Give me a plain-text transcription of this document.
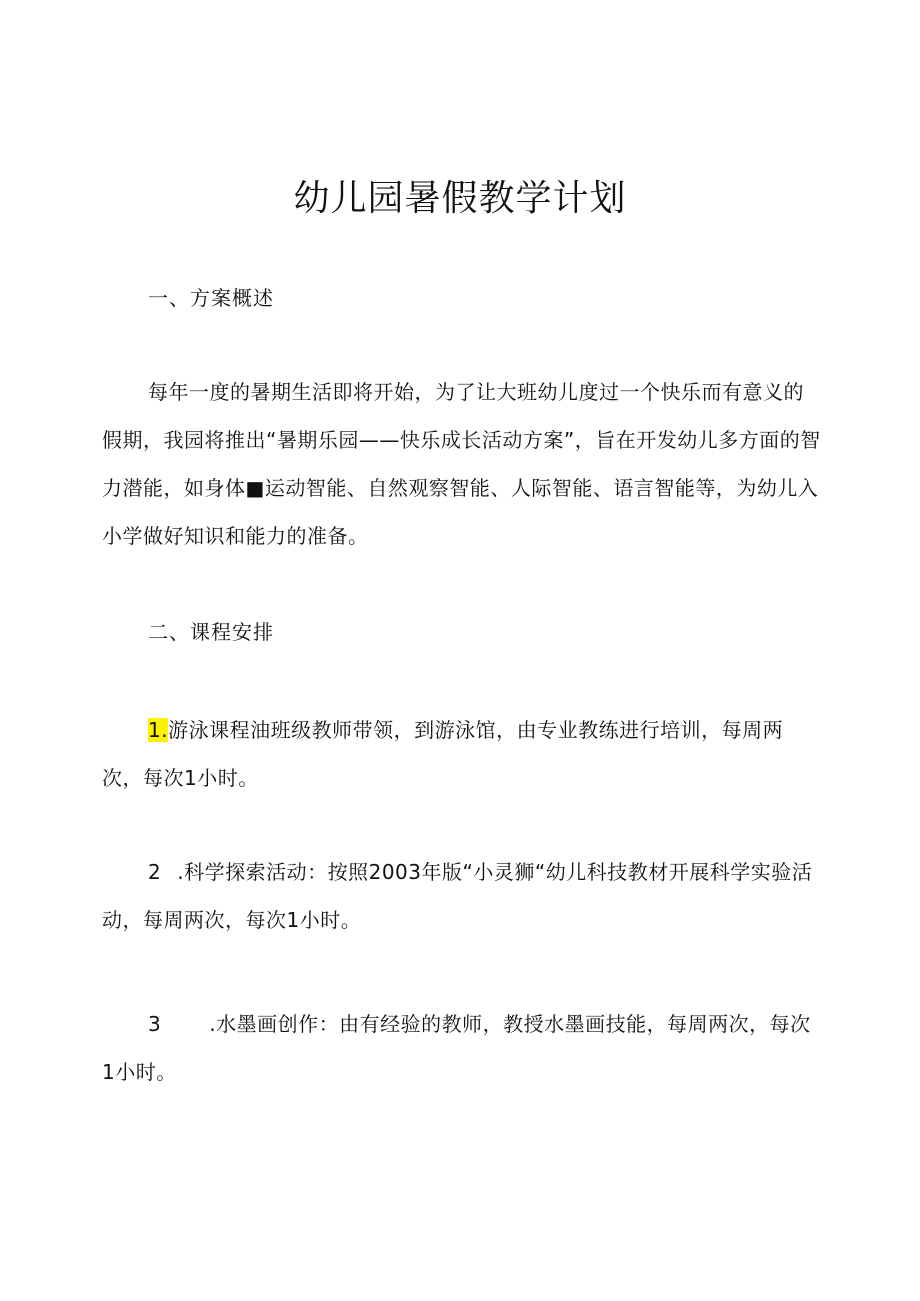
幼儿园暑假教学计划
一、方案概述
每年一度的暑期生活即将开始，为了让大班幼儿度过一个快乐而有意义的假期，我园将推出“暑期乐园——快乐成长活动方案”，旨在开发幼儿多方面的智力潜能，如身体■运动智能、自然观察智能、人际智能、语言智能等，为幼儿入小学做好知识和能力的准备。
二、课程安排
1.游泳课程油班级教师带领，到游泳馆，由专业教练进行培训，每周两次，每次1小时。
2 .科学探索活动：按照2003年版“小灵狮“幼儿科技教材开展科学实验活动，每周两次，每次1小时。
3 .水墨画创作：由有经验的教师，教授水墨画技能，每周两次，每次1小时。
